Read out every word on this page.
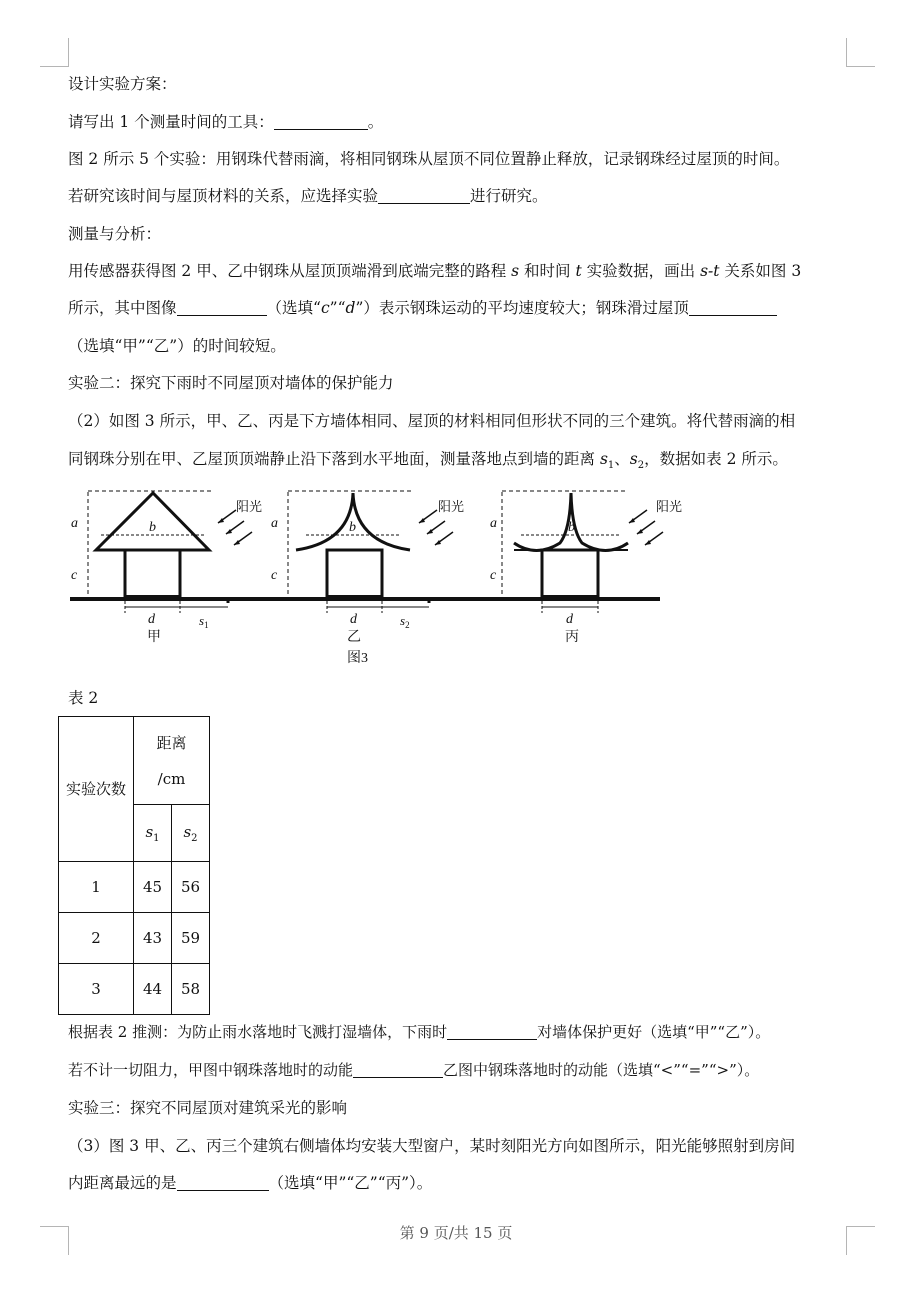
设计实验方案：
请写出 1 个测量时间的工具：	。
图 2 所示 5 个实验：用钢珠代替雨滴，将相同钢珠从屋顶不同位置静止释放，记录钢珠经过屋顶的时间。
若研究该时间与屋顶材料的关系，应选择实验	进行研究。
测量与分析：
用传感器获得图 2 甲、乙中钢珠从屋顶顶端滑到底端完整的路程 s 和时间 t 实验数据，画出 s-t 关系如图 3
所示，其中图像	（选填“c”“d”）表示钢珠运动的平均速度较大；钢珠滑过屋顶
（选填“甲”“乙”）的时间较短。
实验二：探究下雨时不同屋顶对墙体的保护能力
（2）如图 3 所示，甲、乙、丙是下方墙体相同、屋顶的材料相同但形状不同的三个建筑。将代替雨滴的相
同钢珠分别在甲、乙屋顶顶端静止沿下落到水平地面，测量落地点到墙的距离 $s_1$、$s_2$，数据如表 2 所示。
a
c
b
d	$s_1$
甲
阳光
a
c
b
d	$s_2$
乙
图3
阳光
a
c
b
d
丙
阳光
表 2
实验次数	距离
/cm	
	$s_1$	$s_2$
1	45	56
2	43	59
3	44	58
根据表 2 推测：为防止雨水落地时飞溅打湿墙体，下雨时	对墙体保护更好（选填“甲”“乙”）。
若不计一切阻力，甲图中钢珠落地时的动能	乙图中钢珠落地时的动能（选填“<”“=”“>”）。
实验三：探究不同屋顶对建筑采光的影响
（3）图 3 甲、乙、丙三个建筑右侧墙体均安装大型窗户，某时刻阳光方向如图所示，阳光能够照射到房间
内距离最远的是	（选填“甲”“乙”“丙”）。
第 9 页/共 15 页
